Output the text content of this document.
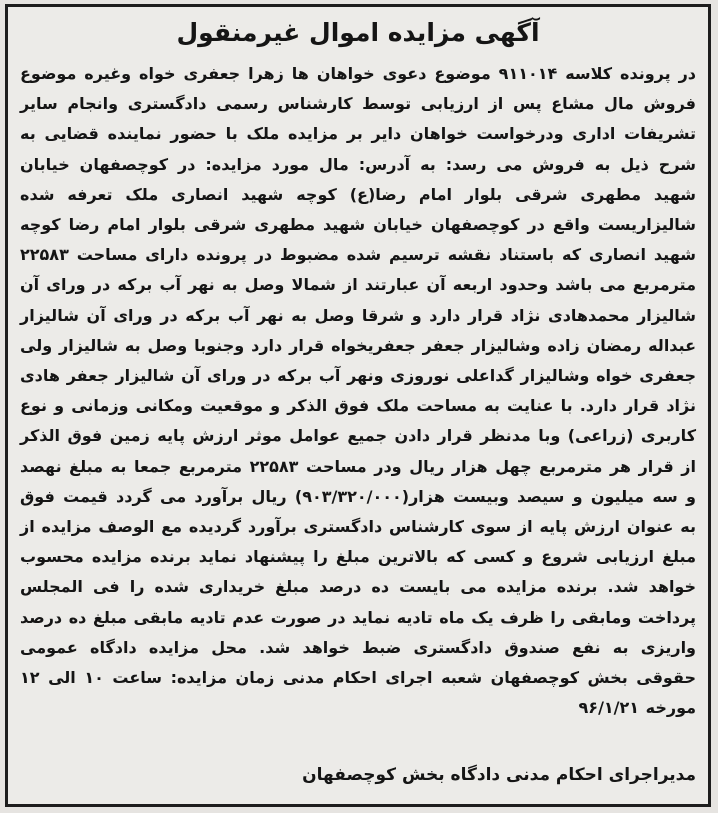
آگهی مزایده اموال غیرمنقول
در پرونده کلاسه ۹۱۱۰۱۴ موضوع دعوی خواهان ها زهرا جعفری خواه وغیره موضوع فروش مال مشاع پس از ارزیابی توسط کارشناس رسمی دادگستری وانجام سایر تشریفات اداری ودرخواست خواهان دایر بر مزایده ملک با حضور نماینده قضایی به شرح ذیل به فروش می رسد: به آدرس: مال مورد مزایده: در کوچصفهان خیابان شهید مطهری شرقی بلوار امام رضا(ع) کوچه شهید انصاری ملک تعرفه شده شالیزاریست واقع در کوچصفهان خیابان شهید مطهری شرقی بلوار امام رضا کوچه شهید انصاری که باستناد نقشه ترسیم شده مضبوط در پرونده دارای مساحت ۲۲۵۸۳ مترمربع می باشد وحدود اربعه آن عبارتند از شمالا وصل به نهر آب برکه در ورای آن شالیزار محمدهادی نژاد قرار دارد و شرقا وصل به نهر آب برکه در ورای آن شالیزار عبداله رمضان زاده وشالیزار جعفر جعفریخواه قرار دارد وجنوبا وصل به شالیزار ولی جعفری خواه وشالیزار گداعلی نوروزی ونهر آب برکه در ورای آن شالیزار جعفر هادی نژاد قرار دارد. با عنایت به مساحت ملک فوق الذکر و موقعیت ومکانی وزمانی و نوع کاربری (زراعی) وبا مدنظر قرار دادن جمیع عوامل موثر ارزش پایه زمین فوق الذکر از قرار هر مترمربع چهل هزار ریال ودر مساحت ۲۲۵۸۳ مترمربع جمعا به مبلغ نهصد و سه میلیون و سیصد وبیست هزار(۹۰۳/۳۲۰/۰۰۰) ریال برآورد می گردد قیمت فوق به عنوان ارزش پایه از سوی کارشناس دادگستری برآورد گردیده مع الوصف مزایده از مبلغ ارزیابی شروع و کسی که بالاترین مبلغ را پیشنهاد نماید برنده مزایده محسوب خواهد شد. برنده مزایده می بایست ده درصد مبلغ خریداری شده را فی المجلس پرداخت ومابقی را ظرف یک ماه تادیه نماید در صورت عدم تادیه مابقی مبلغ ده درصد واریزی به نفع صندوق دادگستری ضبط خواهد شد. محل مزایده دادگاه عمومی حقوقی بخش کوچصفهان شعبه اجرای احکام مدنی زمان مزایده: ساعت ۱۰ الی ۱۲ مورخه ۹۶/۱/۲۱
مدیراجرای احکام مدنی دادگاه بخش کوچصفهان
